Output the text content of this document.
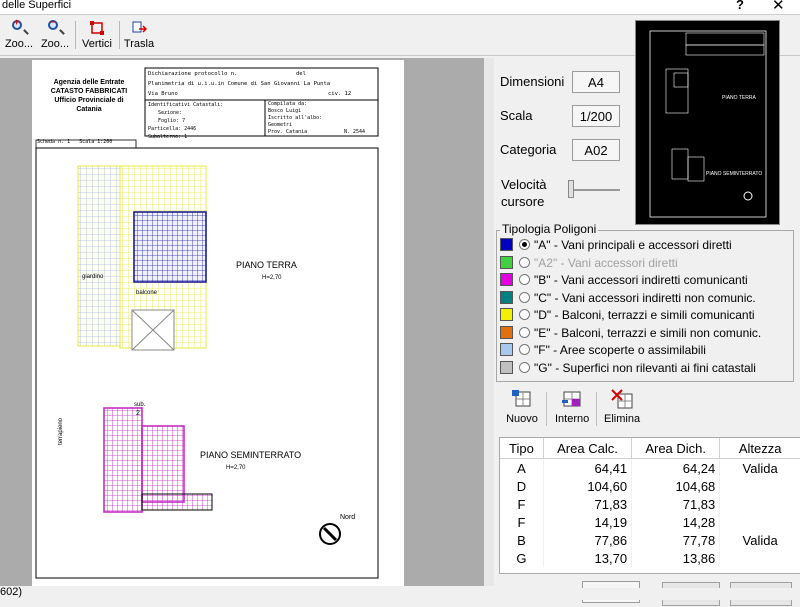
delle Superfici	? ✕
+
Zoo...
−
Zoo... Vertici Trasla
Agenzia delle Entrate
CATASTO FABBRICATI
Ufficio Provinciale di
Catania
Dichiarazione protocollo n.	del
Planimetria di u.i.u.in Comune di San Giovanni La Punta
Via Bruno	civ. 12
Identificativi Catastali:
Sezione:
Foglio: 7
Particella: 2446
Subalterno: 1
Compilata da:
Bosco Luigi
Iscritto all'albo:
Geometri
Prov. Catania	N. 2544
Scheda n. 1 Scala 1:200
PIANO TERRA
H=2,70
giardino
balcone
PIANO SEMINTERRATO
H=2,70
terrapieno
sub.
2
Nord
Dimensioni	A4
Scala	1/200
Categoria	A02
Velocità
cursore
PIANO TERRA
PIANO SEMINTERRATO
Tipologia Poligoni
"A" - Vani principali e accessori diretti
"A2" - Vani accessori diretti
"B" - Vani accessori indiretti comunicanti
"C" - Vani accessori indiretti non comunic.
"D" - Balconi, terrazzi e simili comunicanti
"E" - Balconi, terrazzi e simili non comunic.
"F" - Aree scoperte o assimilabili
"G" - Superfici non rilevanti ai fini catastali
Nuovo Interno Elimina
Tipo	Area Calc.	Area Dich.	Altezza
A	64,41	64,24	Valida
D	104,60	104,68	
F	71,83	71,83	
F	14,19	14,28	
B	77,86	77,78	Valida
G	13,70	13,86	
602)
